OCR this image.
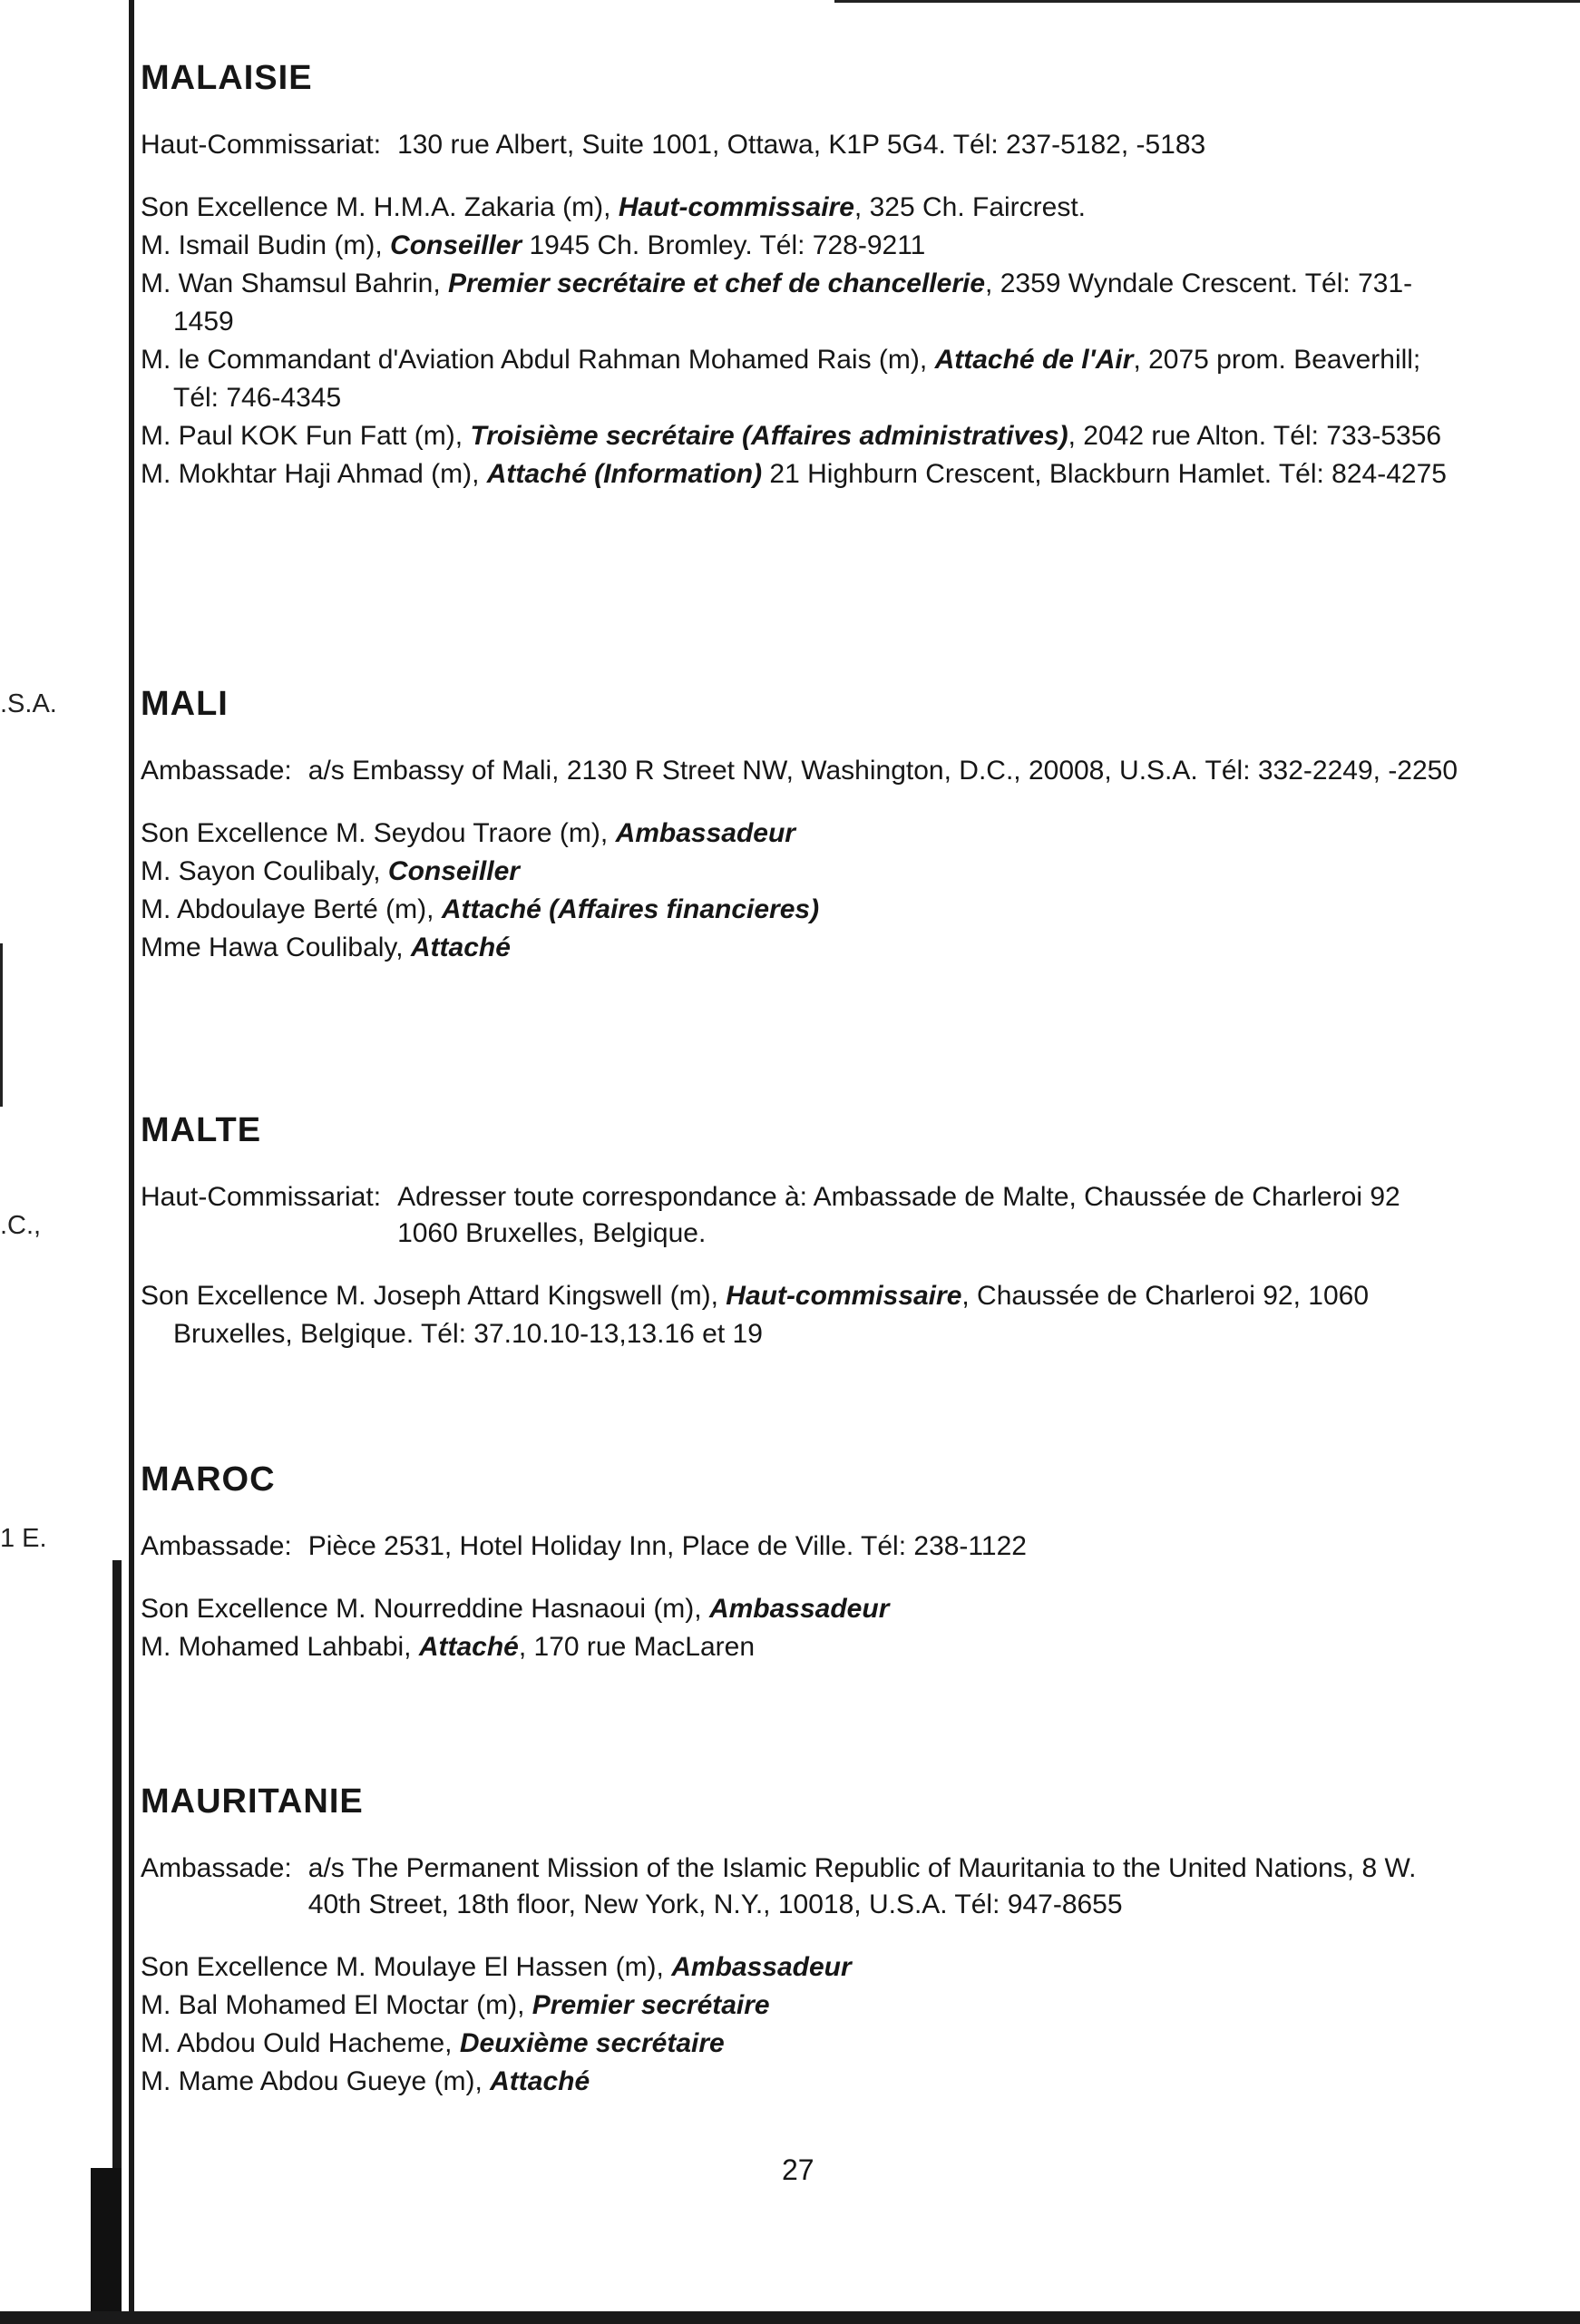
.S.A.
.C.,
1 E.
MALAISIE
Haut-Commissariat: 130 rue Albert, Suite 1001, Ottawa, K1P 5G4. Tél: 237-5182, -5183
Son Excellence M. H.M.A. Zakaria (m), Haut-commissaire, 325 Ch. Faircrest.
M. Ismail Budin (m), Conseiller 1945 Ch. Bromley. Tél: 728-9211
M. Wan Shamsul Bahrin, Premier secrétaire et chef de chancellerie, 2359 Wyndale Crescent. Tél: 731-1459
M. le Commandant d'Aviation Abdul Rahman Mohamed Rais (m), Attaché de l'Air, 2075 prom. Beaverhill; Tél: 746-4345
M. Paul KOK Fun Fatt (m), Troisième secrétaire (Affaires administratives), 2042 rue Alton. Tél: 733-5356
M. Mokhtar Haji Ahmad (m), Attaché (Information) 21 Highburn Crescent, Blackburn Hamlet. Tél: 824-4275
MALI
Ambassade: a/s Embassy of Mali, 2130 R Street NW, Washington, D.C., 20008, U.S.A. Tél: 332-2249, -2250
Son Excellence M. Seydou Traore (m), Ambassadeur
M. Sayon Coulibaly, Conseiller
M. Abdoulaye Berté (m), Attaché (Affaires financieres)
Mme Hawa Coulibaly, Attaché
MALTE
Haut-Commissariat: Adresser toute correspondance à: Ambassade de Malte, Chaussée de Charleroi 92 1060 Bruxelles, Belgique.
Son Excellence M. Joseph Attard Kingswell (m), Haut-commissaire, Chaussée de Charleroi 92, 1060 Bruxelles, Belgique. Tél: 37.10.10-13,13.16 et 19
MAROC
Ambassade: Pièce 2531, Hotel Holiday Inn, Place de Ville. Tél: 238-1122
Son Excellence M. Nourreddine Hasnaoui (m), Ambassadeur
M. Mohamed Lahbabi, Attaché, 170 rue MacLaren
MAURITANIE
Ambassade: a/s The Permanent Mission of the Islamic Republic of Mauritania to the United Nations, 8 W. 40th Street, 18th floor, New York, N.Y., 10018, U.S.A. Tél: 947-8655
Son Excellence M. Moulaye El Hassen (m), Ambassadeur
M. Bal Mohamed El Moctar (m), Premier secrétaire
M. Abdou Ould Hacheme, Deuxième secrétaire
M. Mame Abdou Gueye (m), Attaché
27
